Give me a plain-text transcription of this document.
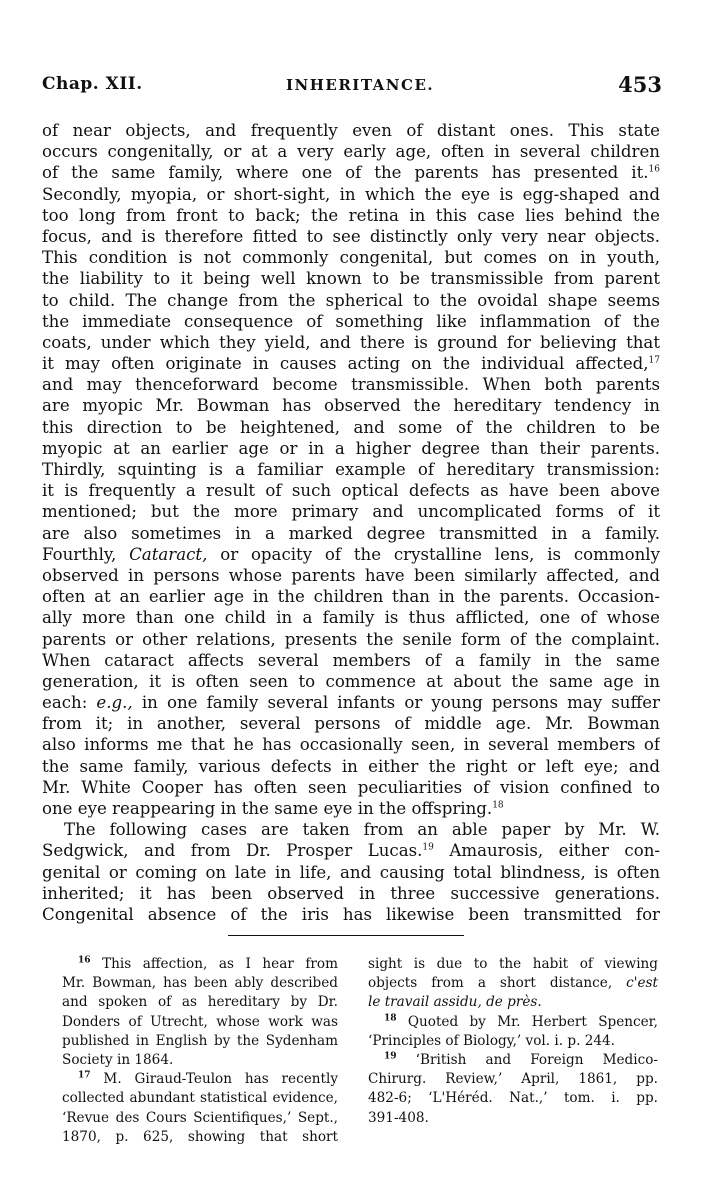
Chap. XII.	INHERITANCE.	453
of near objects, and frequently even of distant ones. This state
occurs congenitally, or at a very early age, often in several children
of the same family, where one of the parents has presented it.$^{16}$
Secondly, myopia, or short-sight, in which the eye is egg-shaped and
too long from front to back; the retina in this case lies behind the
focus, and is therefore fitted to see distinctly only very near objects.
This condition is not commonly congenital, but comes on in youth,
the liability to it being well known to be transmissible from parent
to child. The change from the spherical to the ovoidal shape seems
the immediate consequence of something like inflammation of the
coats, under which they yield, and there is ground for believing that
it may often originate in causes acting on the individual affected,$^{17}$
and may thenceforward become transmissible. When both parents
are myopic Mr. Bowman has observed the hereditary tendency in
this direction to be heightened, and some of the children to be
myopic at an earlier age or in a higher degree than their parents.
Thirdly, squinting is a familiar example of hereditary transmission:
it is frequently a result of such optical defects as have been above
mentioned; but the more primary and uncomplicated forms of it
are also sometimes in a marked degree transmitted in a family.
Fourthly, Cataract, or opacity of the crystalline lens, is commonly
observed in persons whose parents have been similarly affected, and
often at an earlier age in the children than in the parents. Occasion-
ally more than one child in a family is thus afflicted, one of whose
parents or other relations, presents the senile form of the complaint.
When cataract affects several members of a family in the same
generation, it is often seen to commence at about the same age in
each: e.g., in one family several infants or young persons may suffer
from it; in another, several persons of middle age. Mr. Bowman
also informs me that he has occasionally seen, in several members of
the same family, various defects in either the right or left eye; and
Mr. White Cooper has often seen peculiarities of vision confined to
one eye reappearing in the same eye in the offspring.$^{18}$
The following cases are taken from an able paper by Mr. W.
Sedgwick, and from Dr. Prosper Lucas.$^{19}$ Amaurosis, either con-
genital or coming on late in life, and causing total blindness, is often
inherited; it has been observed in three successive generations.
Congenital absence of the iris has likewise been transmitted for
$^{16}$ This affection, as I hear from
Mr. Bowman, has been ably described
and spoken of as hereditary by Dr.
Donders of Utrecht, whose work was
published in English by the Sydenham
Society in 1864.
$^{17}$ M. Giraud-Teulon has recently
collected abundant statistical evidence,
‘Revue des Cours Scientifiques,’ Sept.,
1870, p. 625, showing that short
sight is due to the habit of viewing
objects from a short distance, c'est
le travail assidu, de près.
$^{18}$ Quoted by Mr. Herbert Spencer,
‘Principles of Biology,’ vol. i. p. 244.
$^{19}$ ‘British and Foreign Medico-
Chirurg. Review,’ April, 1861, pp.
482-6; ‘L'Héréd. Nat.,’ tom. i. pp.
391-408.
